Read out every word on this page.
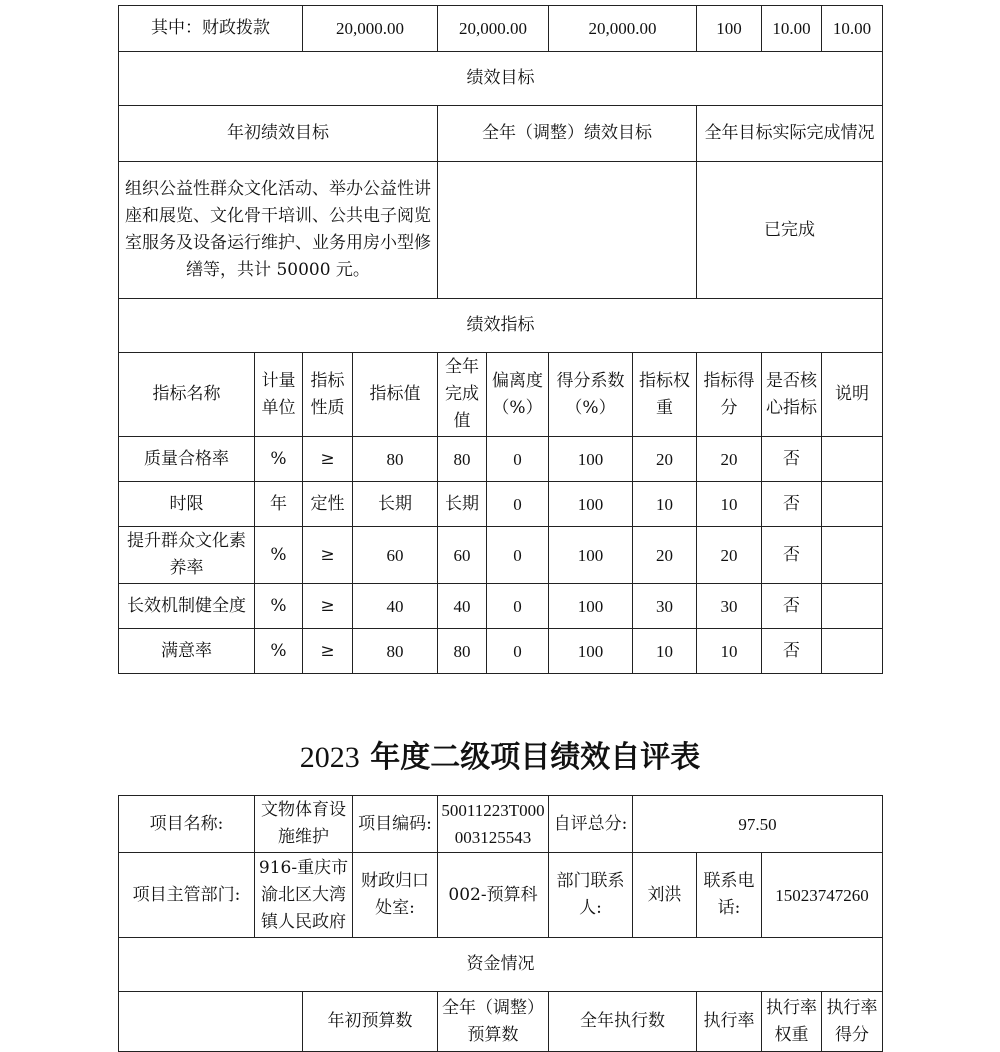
其中：财政拨款		20,000.00		20,000.00		20,000.00		100	10.00	10.00
绩效目标										
年初绩效目标				全年（调整）绩效目标				全年目标实际完成情况		
组织公益性群众文化活动、举办公益性讲座和展览、文化骨干培训、公共电子阅览室服务及设备运行维护、业务用房小型修缮等，共计 50000 元。								已完成		
绩效指标										
指标名称	计量单位	指标性质	指标值	全年完成值	偏离度（%）	得分系数（%）	指标权重	指标得分	是否核心指标	说明
质量合格率	%	≥	80	80	0	100	20	20	否	
时限	年	定性	长期	长期	0	100	10	10	否	
提升群众文化素养率	%	≥	60	60	0	100	20	20	否	
长效机制健全度	%	≥	40	40	0	100	30	30	否	
满意率	%	≥	80	80	0	100	10	10	否	
2023 年度二级项目绩效自评表
项目名称:	文物体育设施维护		项目编码:	50011223T000003125543	自评总分:	97.50			
项目主管部门:	916-重庆市渝北区大湾镇人民政府		财政归口处室:	002-预算科	部门联系人:	刘洪	联系电话:	15023747260	
资金情况									
		年初预算数		全年（调整）预算数	全年执行数		执行率	执行率权重	执行率得分
